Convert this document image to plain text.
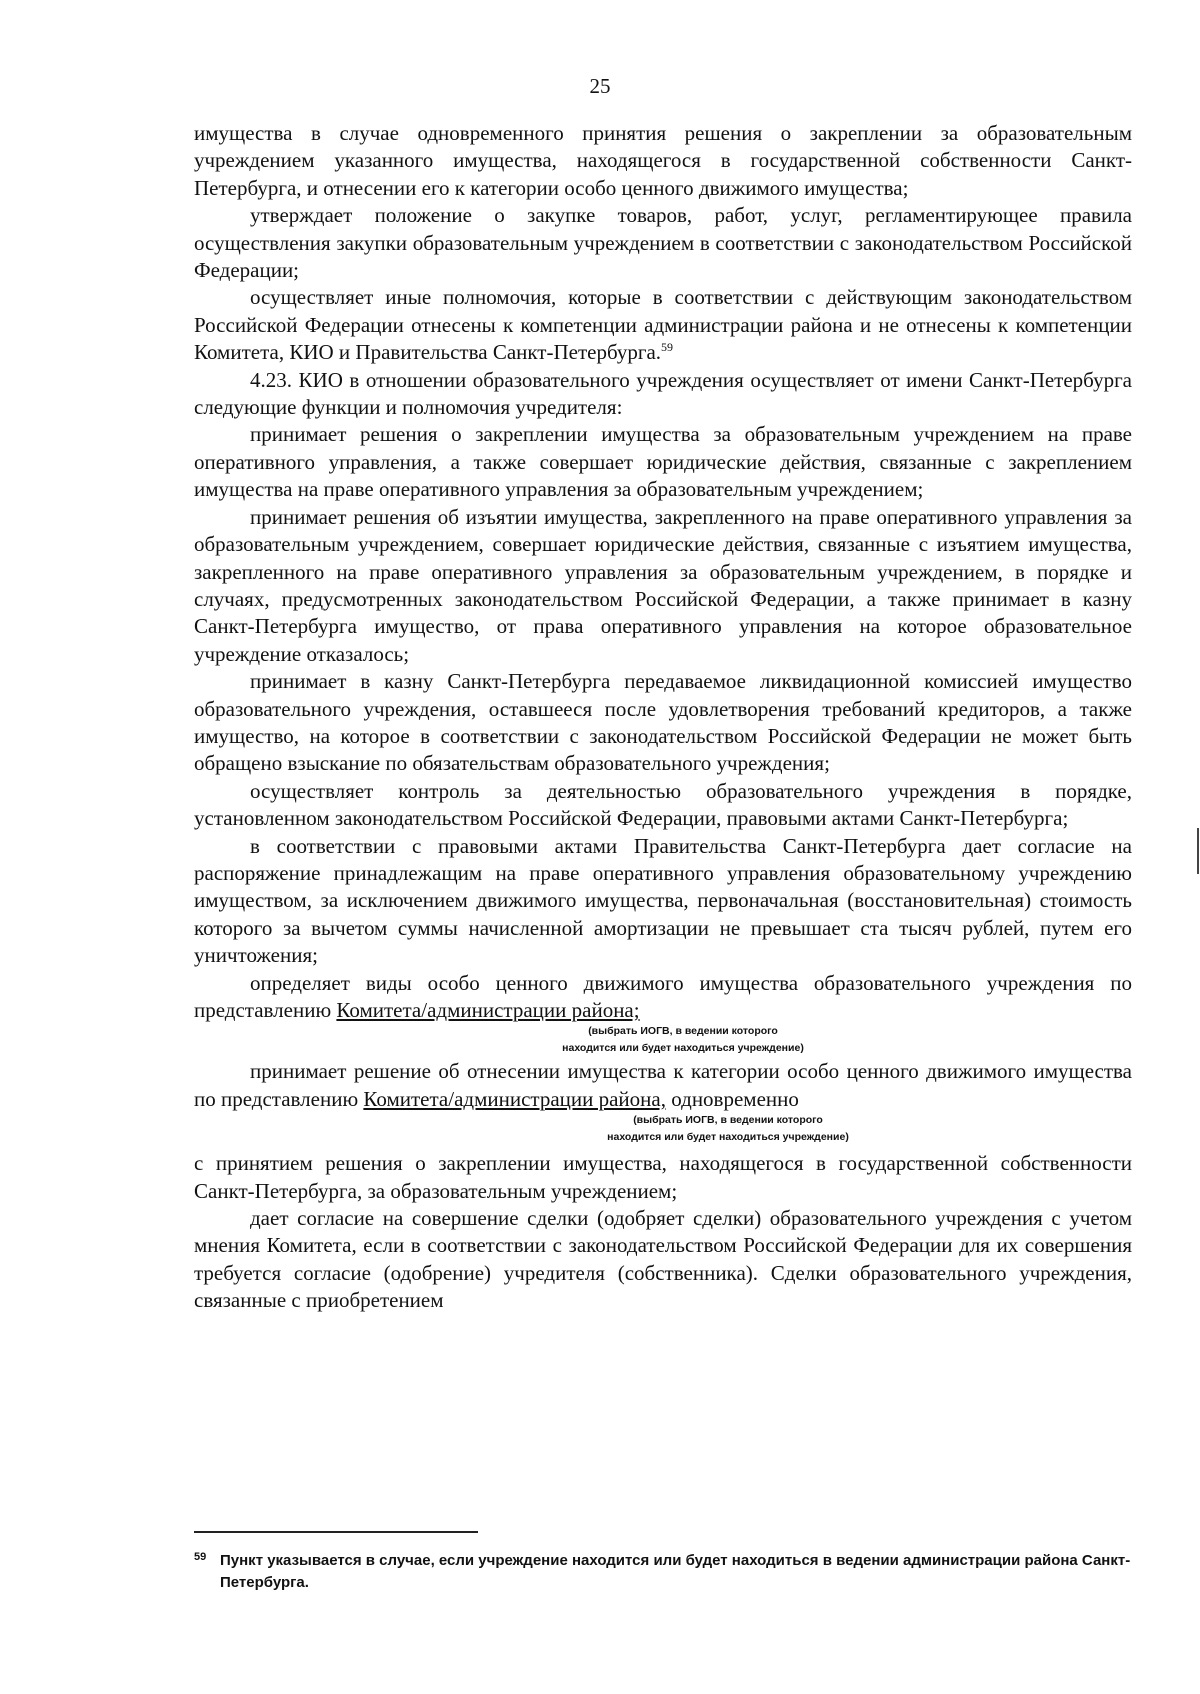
25

имущества в случае одновременного принятия решения о закреплении за образовательным учреждением указанного имущества, находящегося в государственной собственности Санкт-Петербурга, и отнесении его к категории особо ценного движимого имущества;

утверждает положение о закупке товаров, работ, услуг, регламентирующее правила осуществления закупки образовательным учреждением в соответствии с законодательством Российской Федерации;

осуществляет иные полномочия, которые в соответствии с действующим законодательством Российской Федерации отнесены к компетенции администрации района и не отнесены к компетенции Комитета, КИО и Правительства Санкт-Петербурга.$^{59}$

4.23. КИО в отношении образовательного учреждения осуществляет от имени Санкт-Петербурга следующие функции и полномочия учредителя:

принимает решения о закреплении имущества за образовательным учреждением на праве оперативного управления, а также совершает юридические действия, связанные с закреплением имущества на праве оперативного управления за образовательным учреждением;

принимает решения об изъятии имущества, закрепленного на праве оперативного управления за образовательным учреждением, совершает юридические действия, связанные с изъятием имущества, закрепленного на праве оперативного управления за образовательным учреждением, в порядке и случаях, предусмотренных законодательством Российской Федерации, а также принимает в казну Санкт-Петербурга имущество, от права оперативного управления на которое образовательное учреждение отказалось;

принимает в казну Санкт-Петербурга передаваемое ликвидационной комиссией имущество образовательного учреждения, оставшееся после удовлетворения требований кредиторов, а также имущество, на которое в соответствии с законодательством Российской Федерации не может быть обращено взыскание по обязательствам образовательного учреждения;

осуществляет контроль за деятельностью образовательного учреждения в порядке, установленном законодательством Российской Федерации, правовыми актами Санкт-Петербурга;

в соответствии с правовыми актами Правительства Санкт-Петербурга дает согласие на распоряжение принадлежащим на праве оперативного управления образовательному учреждению имуществом, за исключением движимого имущества, первоначальная (восстановительная) стоимость которого за вычетом суммы начисленной амортизации не превышает ста тысяч рублей, путем его уничтожения;

определяет виды особо ценного движимого имущества образовательного учреждения по представлению Комитета/администрации района;

(выбрать ИОГВ, в ведении которого
находится или будет находиться учреждение)

принимает решение об отнесении имущества к категории особо ценного движимого имущества по представлению Комитета/администрации района, одновременно

(выбрать ИОГВ, в ведении которого
находится или будет находиться учреждение)

с принятием решения о закреплении имущества, находящегося в государственной собственности Санкт-Петербурга, за образовательным учреждением;

дает согласие на совершение сделки (одобряет сделки) образовательного учреждения с учетом мнения Комитета, если в соответствии с законодательством Российской Федерации для их совершения требуется согласие (одобрение) учредителя (собственника). Сделки образовательного учреждения, связанные с приобретением

59 Пункт указывается в случае, если учреждение находится или будет находиться в ведении администрации района Санкт-Петербурга.
